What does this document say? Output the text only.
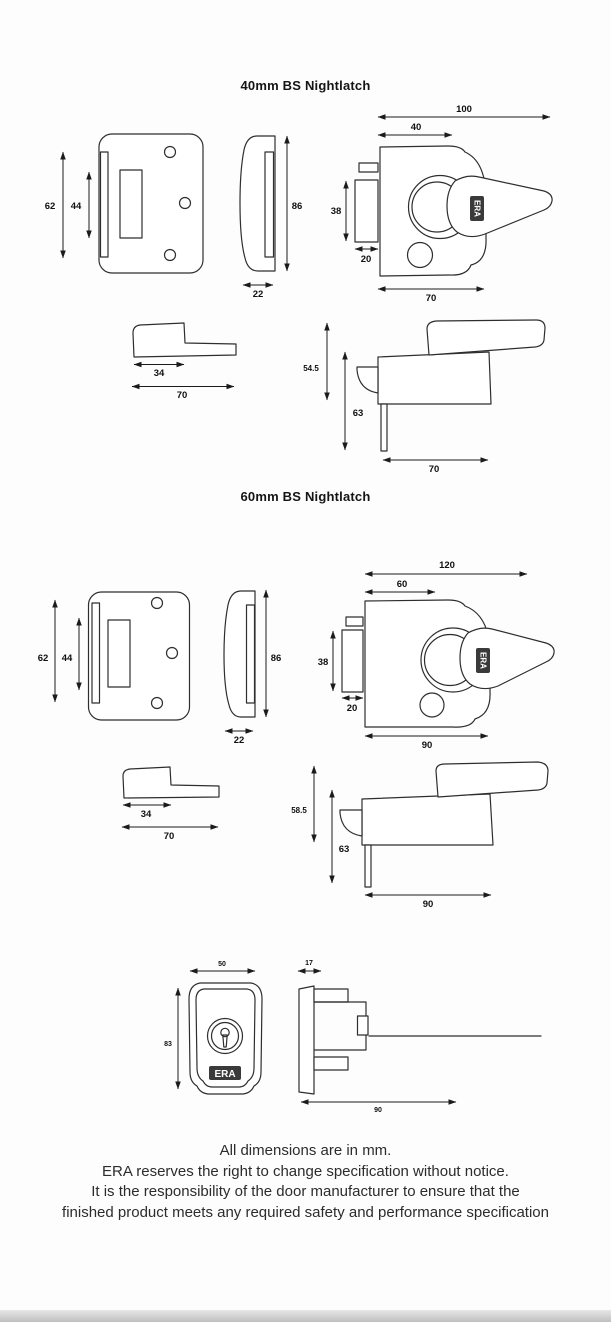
40mm BS Nightlatch
60mm BS Nightlatch
62 44	86
22
100
40
ERA
38
20
70
34
70
54.5
63
70
62 44	86
22
120
60
ERA
38
20
90
34
70
58.5
63
90
50
ERA
83
17
90
All dimensions are in mm.
ERA reserves the right to change specification without notice.
It is the responsibility of the door manufacturer to ensure that the
finished product meets any required safety and performance specification
